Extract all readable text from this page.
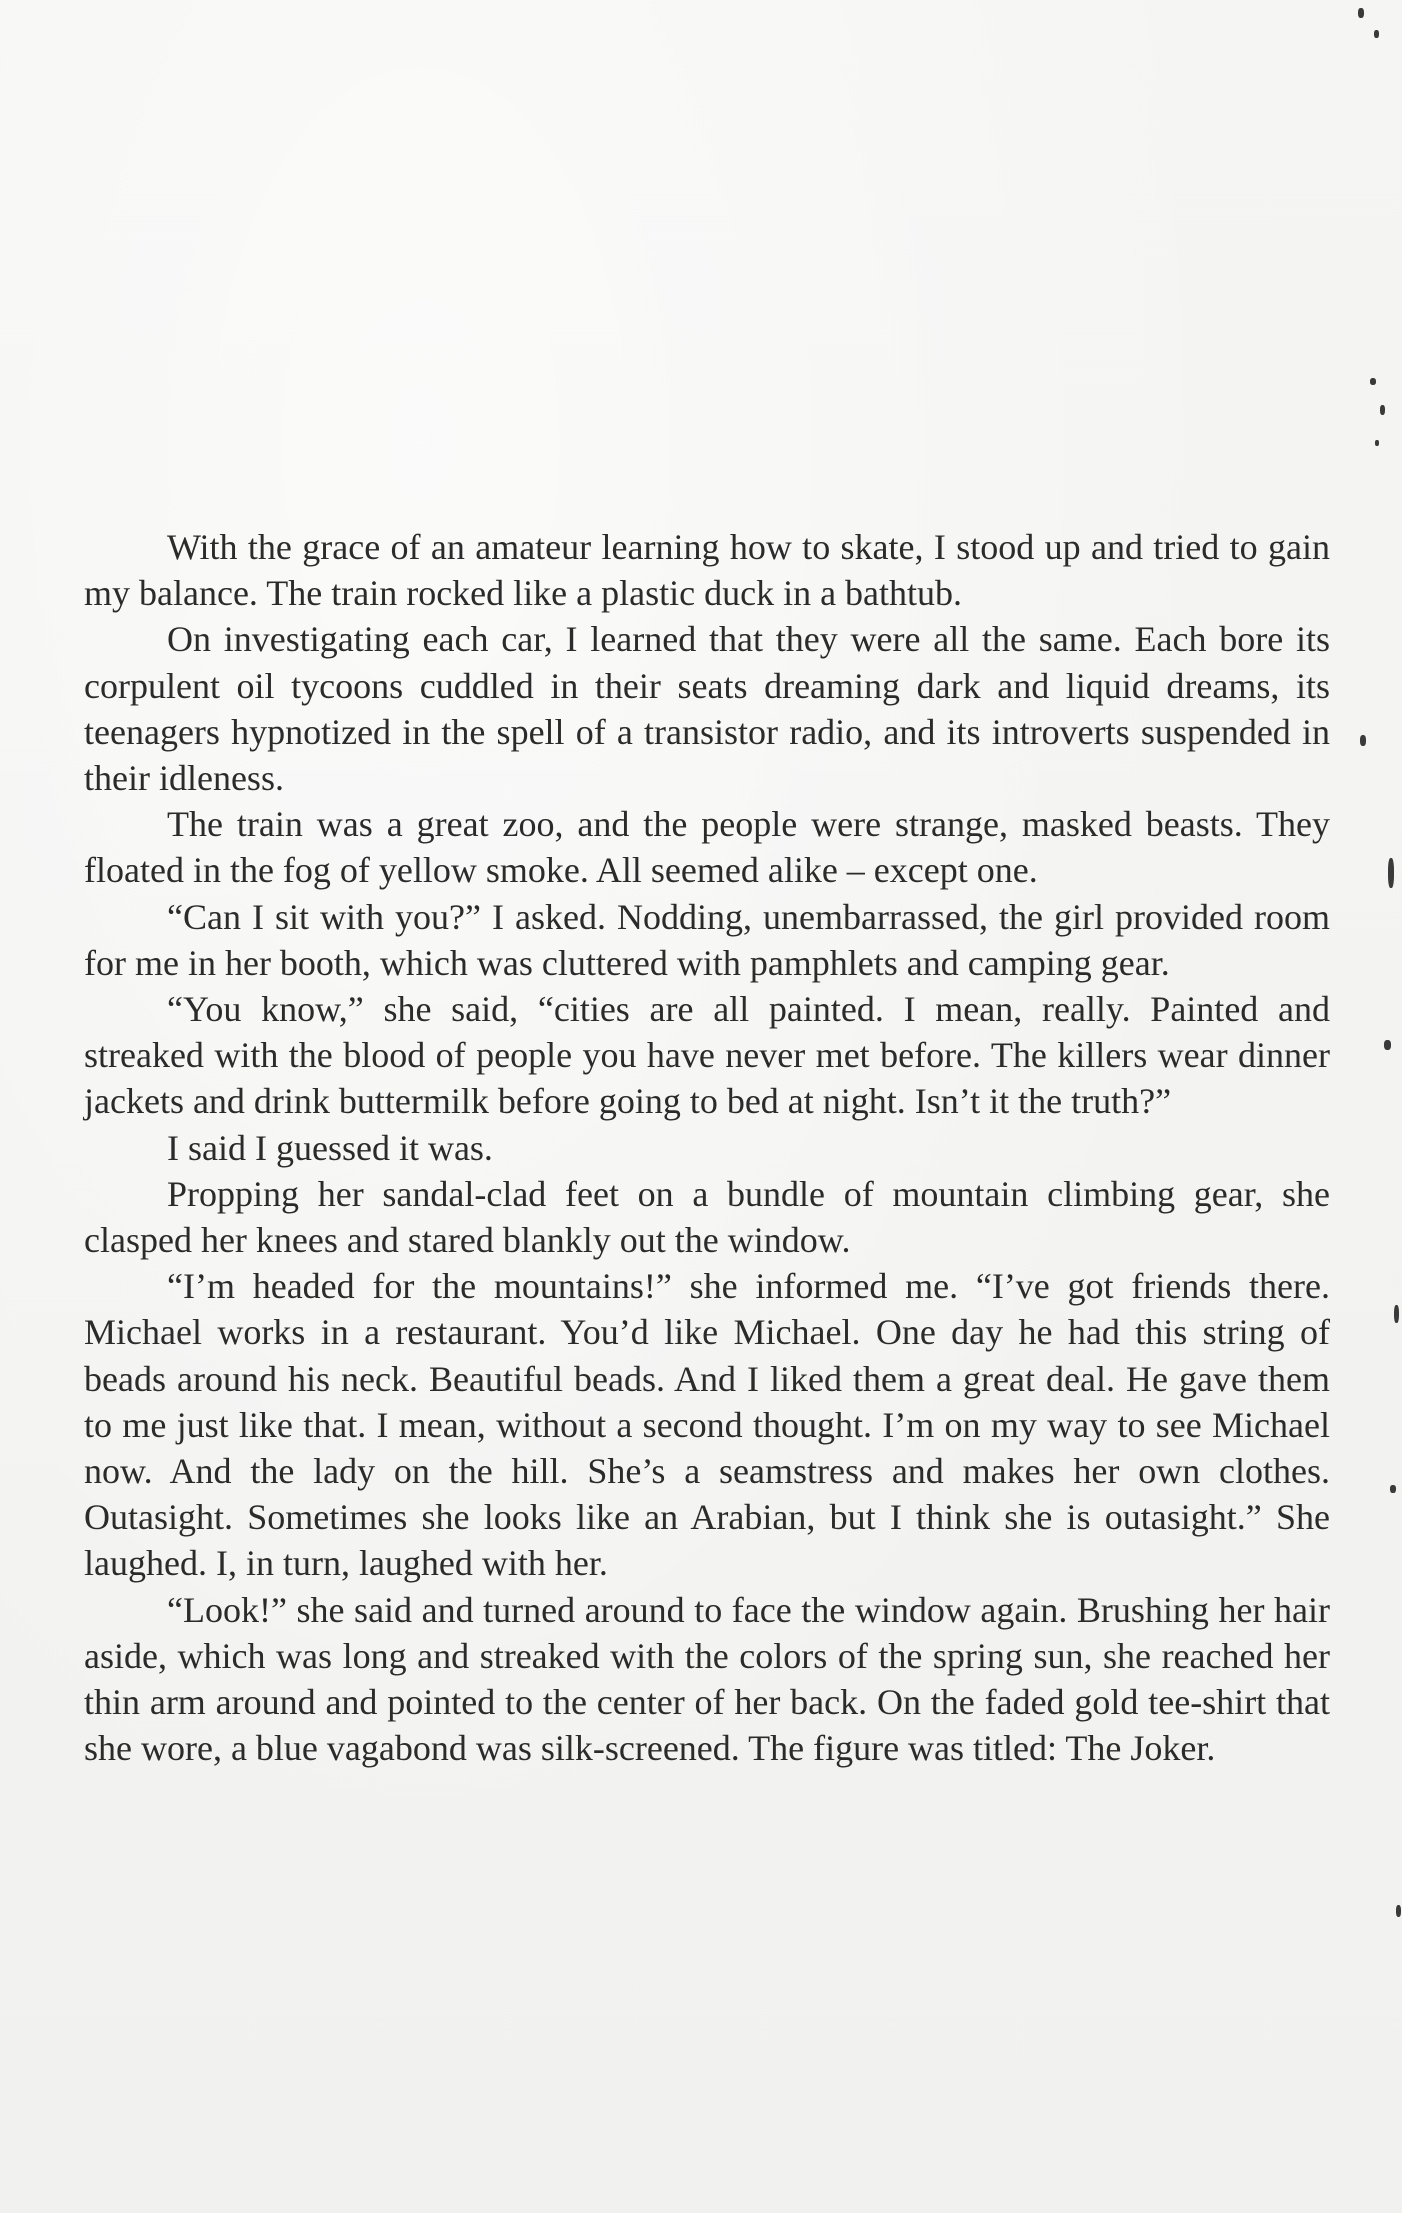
With the grace of an amateur learning how to skate, I stood up and tried to gain my balance. The train rocked like a plastic duck in a bathtub.

On investigating each car, I learned that they were all the same. Each bore its corpulent oil tycoons cuddled in their seats dreaming dark and liquid dreams, its teenagers hypnotized in the spell of a transistor radio, and its introverts suspended in their idleness.

The train was a great zoo, and the people were strange, masked beasts. They floated in the fog of yellow smoke. All seemed alike – except one.

“Can I sit with you?” I asked. Nodding, unembarrassed, the girl provided room for me in her booth, which was cluttered with pamphlets and camping gear.

“You know,” she said, “cities are all painted. I mean, really. Painted and streaked with the blood of people you have never met before. The killers wear dinner jackets and drink buttermilk before going to bed at night. Isn’t it the truth?”

I said I guessed it was.

Propping her sandal-clad feet on a bundle of mountain climbing gear, she clasped her knees and stared blankly out the window.

“I’m headed for the mountains!” she informed me. “I’ve got friends there. Michael works in a restaurant. You’d like Michael. One day he had this string of beads around his neck. Beautiful beads. And I liked them a great deal. He gave them to me just like that. I mean, without a second thought. I’m on my way to see Michael now. And the lady on the hill. She’s a seamstress and makes her own clothes. Outasight. Sometimes she looks like an Arabian, but I think she is outasight.” She laughed. I, in turn, laughed with her.

“Look!” she said and turned around to face the window again. Brushing her hair aside, which was long and streaked with the colors of the spring sun, she reached her thin arm around and pointed to the center of her back. On the faded gold tee-shirt that she wore, a blue vagabond was silk-screened. The figure was titled: The Joker.
